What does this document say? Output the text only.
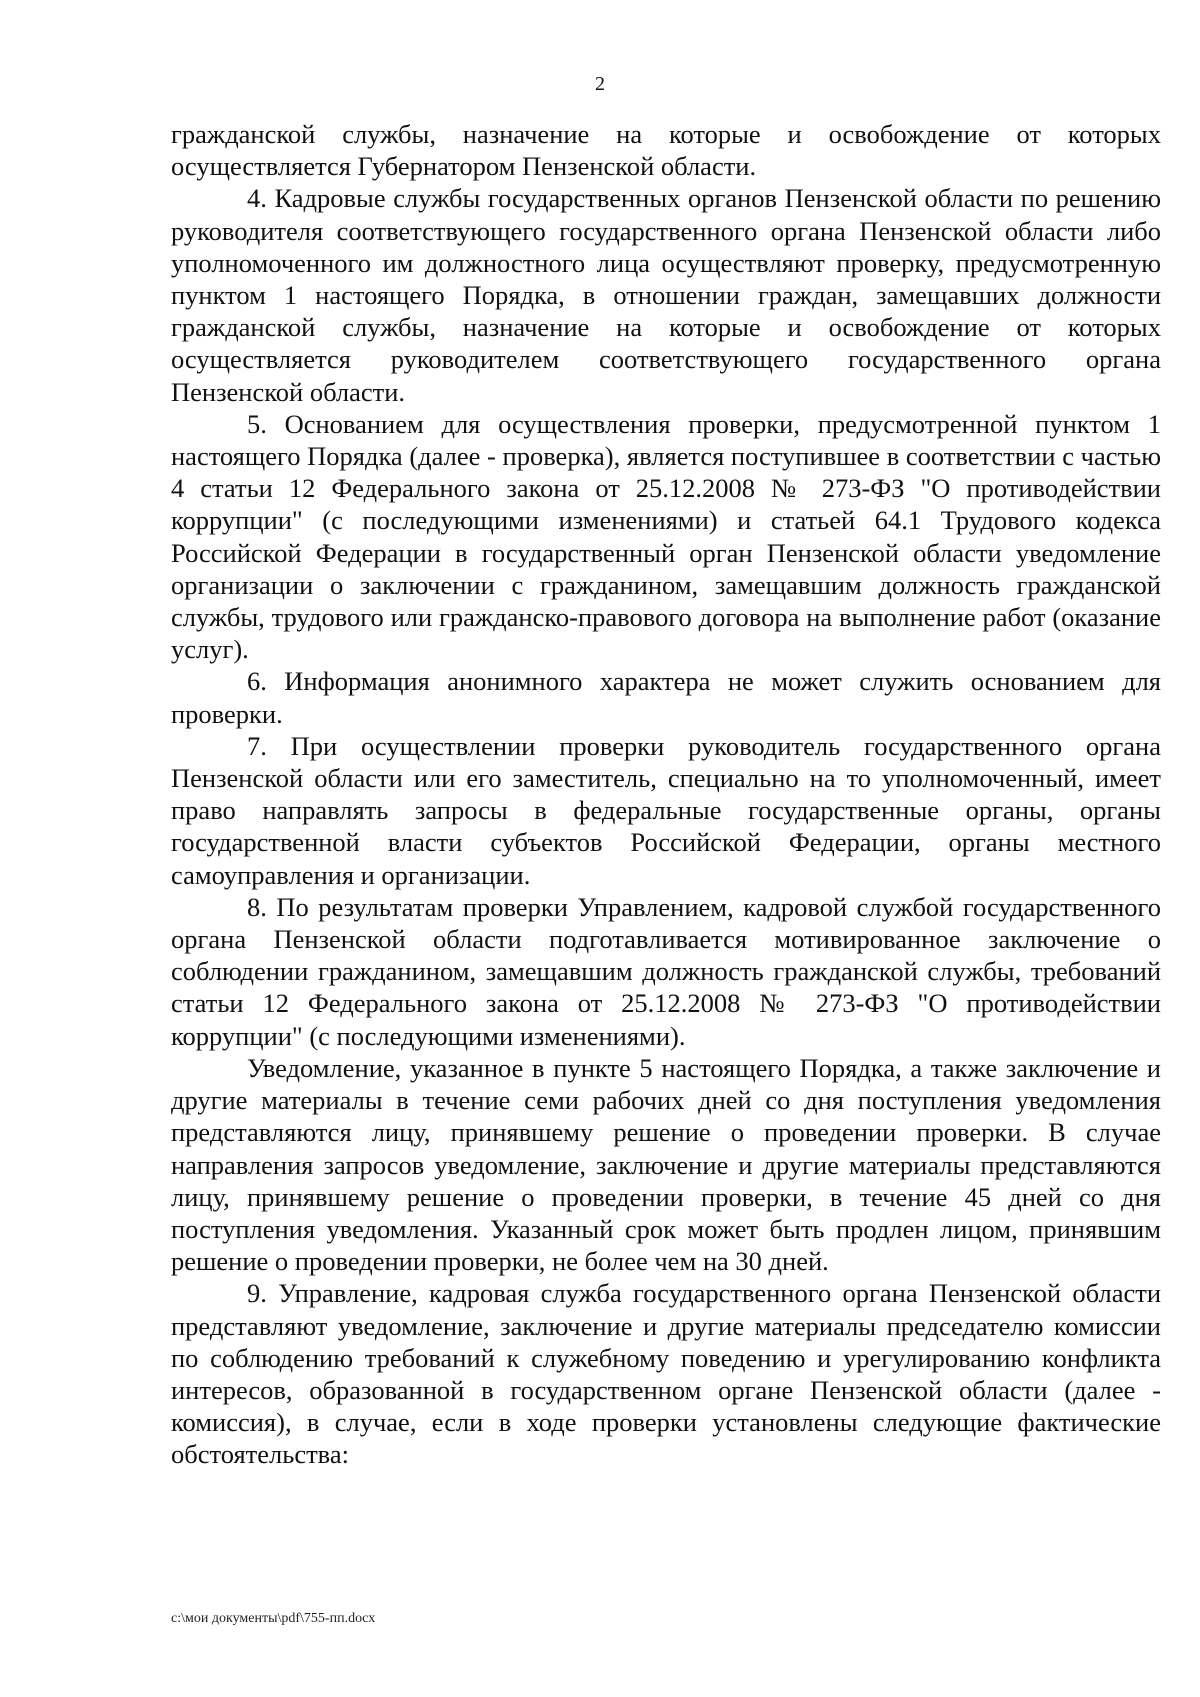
2

гражданской службы, назначение на которые и освобождение от которых осуществляется Губернатором Пензенской области.

4. Кадровые службы государственных органов Пензенской области по решению руководителя соответствующего государственного органа Пензенской области либо уполномоченного им должностного лица осуществляют проверку, предусмотренную пунктом 1 настоящего Порядка, в отношении граждан, замещавших должности гражданской службы, назначение на которые и освобождение от которых осуществляется руководителем соответствующего государственного органа Пензенской области.

5. Основанием для осуществления проверки, предусмотренной пунктом 1 настоящего Порядка (далее - проверка), является поступившее в соответствии с частью 4 статьи 12 Федерального закона от 25.12.2008 № 273-ФЗ "О противодействии коррупции" (с последующими изменениями) и статьей 64.1 Трудового кодекса Российской Федерации в государственный орган Пензенской области уведомление организации о заключении с гражданином, замещавшим должность гражданской службы, трудового или гражданско-правового договора на выполнение работ (оказание услуг).

6. Информация анонимного характера не может служить основанием для проверки.

7. При осуществлении проверки руководитель государственного органа Пензенской области или его заместитель, специально на то уполномоченный, имеет право направлять запросы в федеральные государственные органы, органы государственной власти субъектов Российской Федерации, органы местного самоуправления и организации.

8. По результатам проверки Управлением, кадровой службой государственного органа Пензенской области подготавливается мотивированное заключение о соблюдении гражданином, замещавшим должность гражданской службы, требований статьи 12 Федерального закона от 25.12.2008 № 273-ФЗ "О противодействии коррупции" (с последующими изменениями).

Уведомление, указанное в пункте 5 настоящего Порядка, а также заключение и другие материалы в течение семи рабочих дней со дня поступления уведомления представляются лицу, принявшему решение о проведении проверки. В случае направления запросов уведомление, заключение и другие материалы представляются лицу, принявшему решение о проведении проверки, в течение 45 дней со дня поступления уведомления. Указанный срок может быть продлен лицом, принявшим решение о проведении проверки, не более чем на 30 дней.

9. Управление, кадровая служба государственного органа Пензенской области представляют уведомление, заключение и другие материалы председателю комиссии по соблюдению требований к служебному поведению и урегулированию конфликта интересов, образованной в государственном органе Пензенской области (далее - комиссия), в случае, если в ходе проверки установлены следующие фактические обстоятельства:

c:\мои документы\pdf\755-пп.docx
